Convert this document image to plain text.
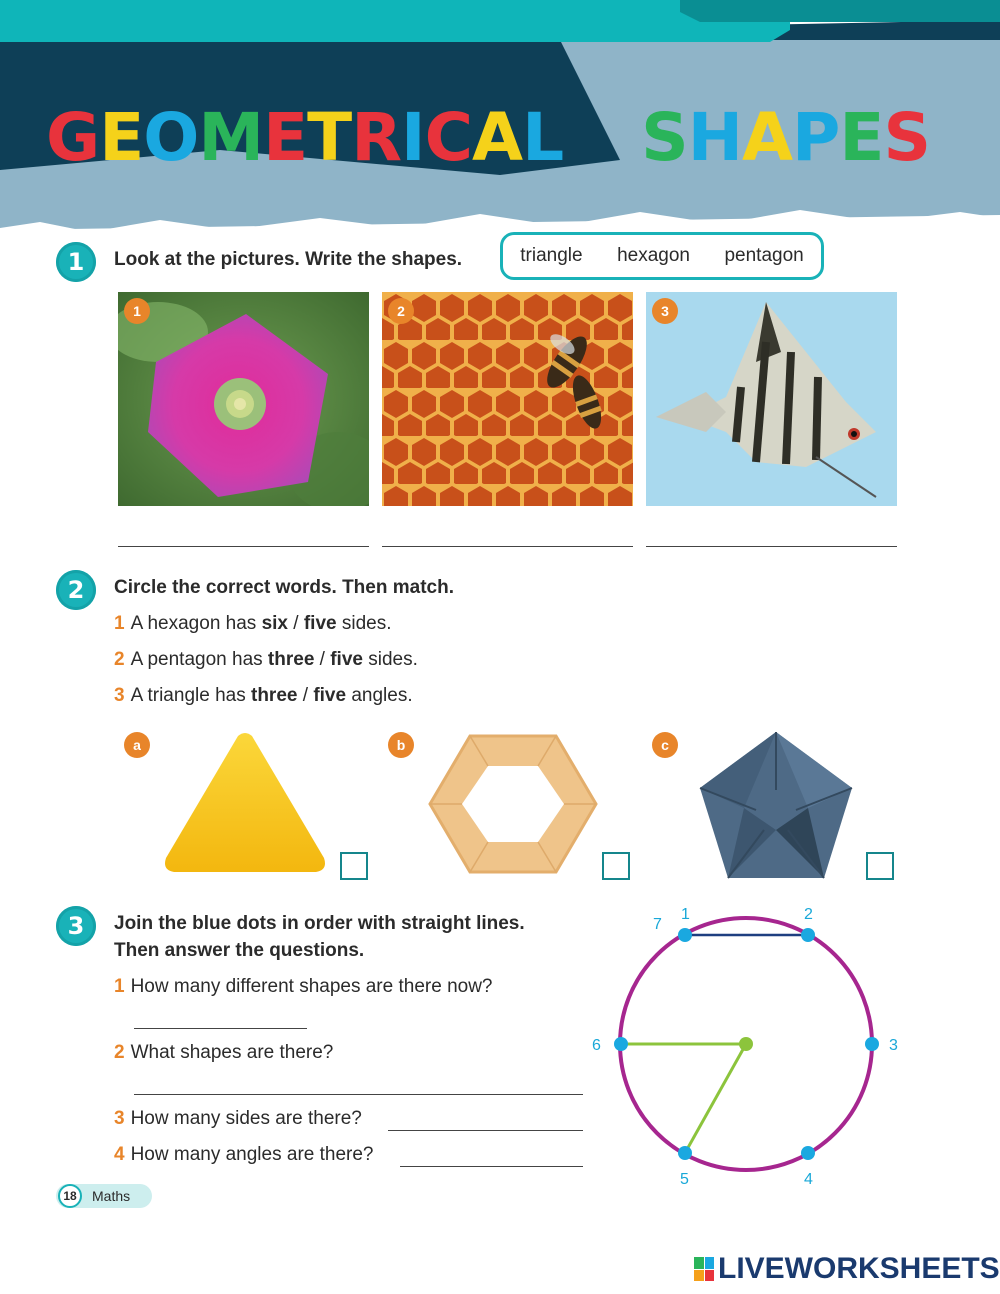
GEOMETRICAL SHAPES
1	Look at the pictures. Write the shapes.	triangle hexagon pentagon
1	2	3
2	Circle the correct words. Then match.
1 A hexagon has six / five sides.
2 A pentagon has three / five sides.
3 A triangle has three / five angles.
a	b	c
3	Join the blue dots in order with straight lines.
Then answer the questions.
1 How many different shapes are there now?
2 What shapes are there?
3 How many sides are there?
4 How many angles are there?
1	2
3
4
5
6
7
18	Maths
LIVEWORKSHEETS
